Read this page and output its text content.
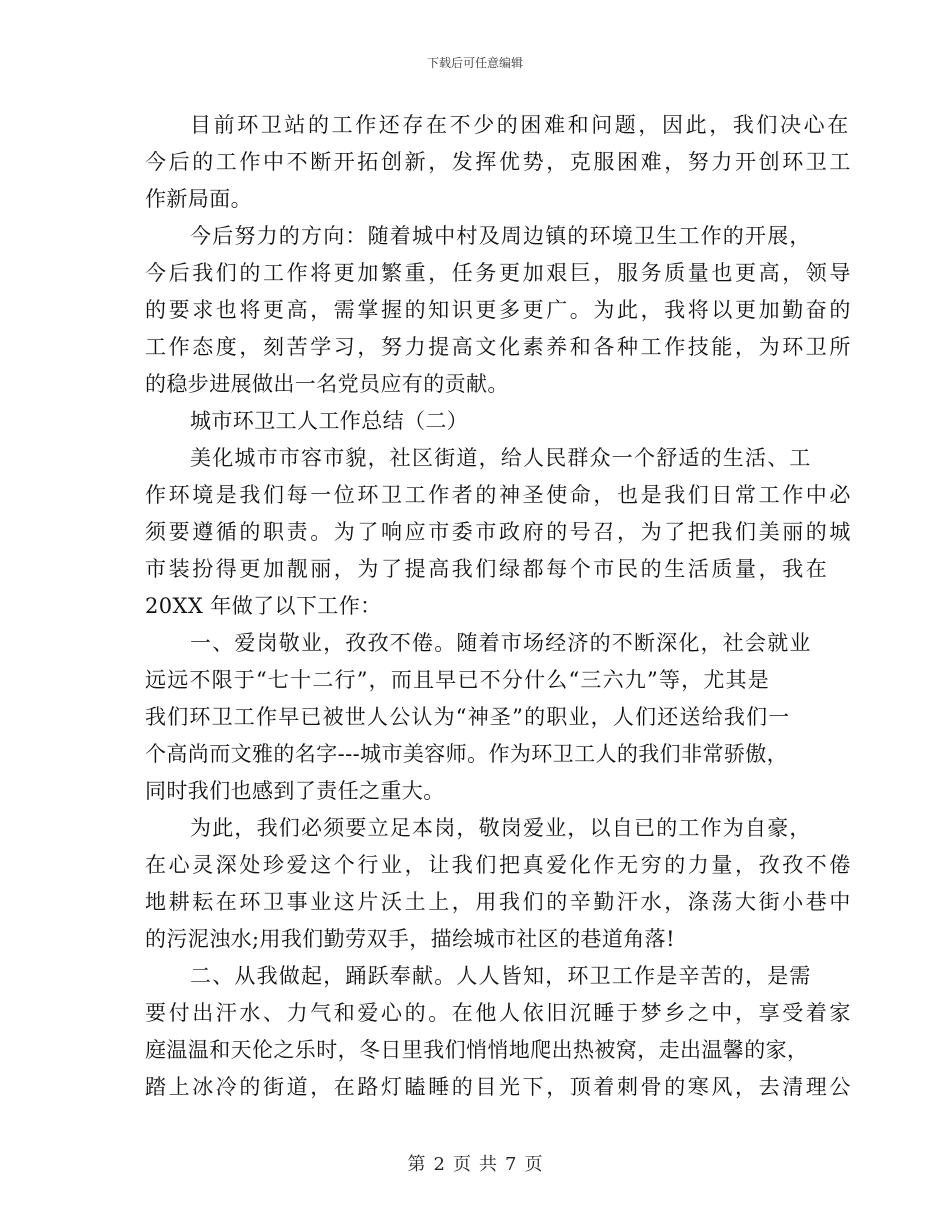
下载后可任意编辑
目前环卫站的工作还存在不少的困难和问题，因此，我们决心在
今后的工作中不断开拓创新，发挥优势，克服困难，努力开创环卫工
作新局面。
今后努力的方向：随着城中村及周边镇的环境卫生工作的开展，
今后我们的工作将更加繁重，任务更加艰巨，服务质量也更高，领导
的要求也将更高，需掌握的知识更多更广。为此，我将以更加勤奋的
工作态度，刻苦学习，努力提高文化素养和各种工作技能，为环卫所
的稳步进展做出一名党员应有的贡献。
城市环卫工人工作总结（二）
美化城市市容市貌，社区街道，给人民群众一个舒适的生活、工
作环境是我们每一位环卫工作者的神圣使命，也是我们日常工作中必
须要遵循的职责。为了响应市委市政府的号召，为了把我们美丽的城
市装扮得更加靓丽，为了提高我们绿都每个市民的生活质量，我在
20XX 年做了以下工作：
一、爱岗敬业，孜孜不倦。随着市场经济的不断深化，社会就业
远远不限于“七十二行”，而且早已不分什么“三六九”等，尤其是
我们环卫工作早已被世人公认为“神圣”的职业，人们还送给我们一
个高尚而文雅的名字---城市美容师。作为环卫工人的我们非常骄傲，
同时我们也感到了责任之重大。
为此，我们必须要立足本岗，敬岗爱业，以自已的工作为自豪，
在心灵深处珍爱这个行业，让我们把真爱化作无穷的力量，孜孜不倦
地耕耘在环卫事业这片沃土上，用我们的辛勤汗水，涤荡大街小巷中
的污泥浊水;用我们勤劳双手，描绘城市社区的巷道角落!
二、从我做起，踊跃奉献。人人皆知，环卫工作是辛苦的，是需
要付出汗水、力气和爱心的。在他人依旧沉睡于梦乡之中，享受着家
庭温温和天伦之乐时，冬日里我们悄悄地爬出热被窝，走出温馨的家，
踏上冰冷的街道，在路灯瞌睡的目光下，顶着刺骨的寒风，去清理公
第 2 页 共 7 页
